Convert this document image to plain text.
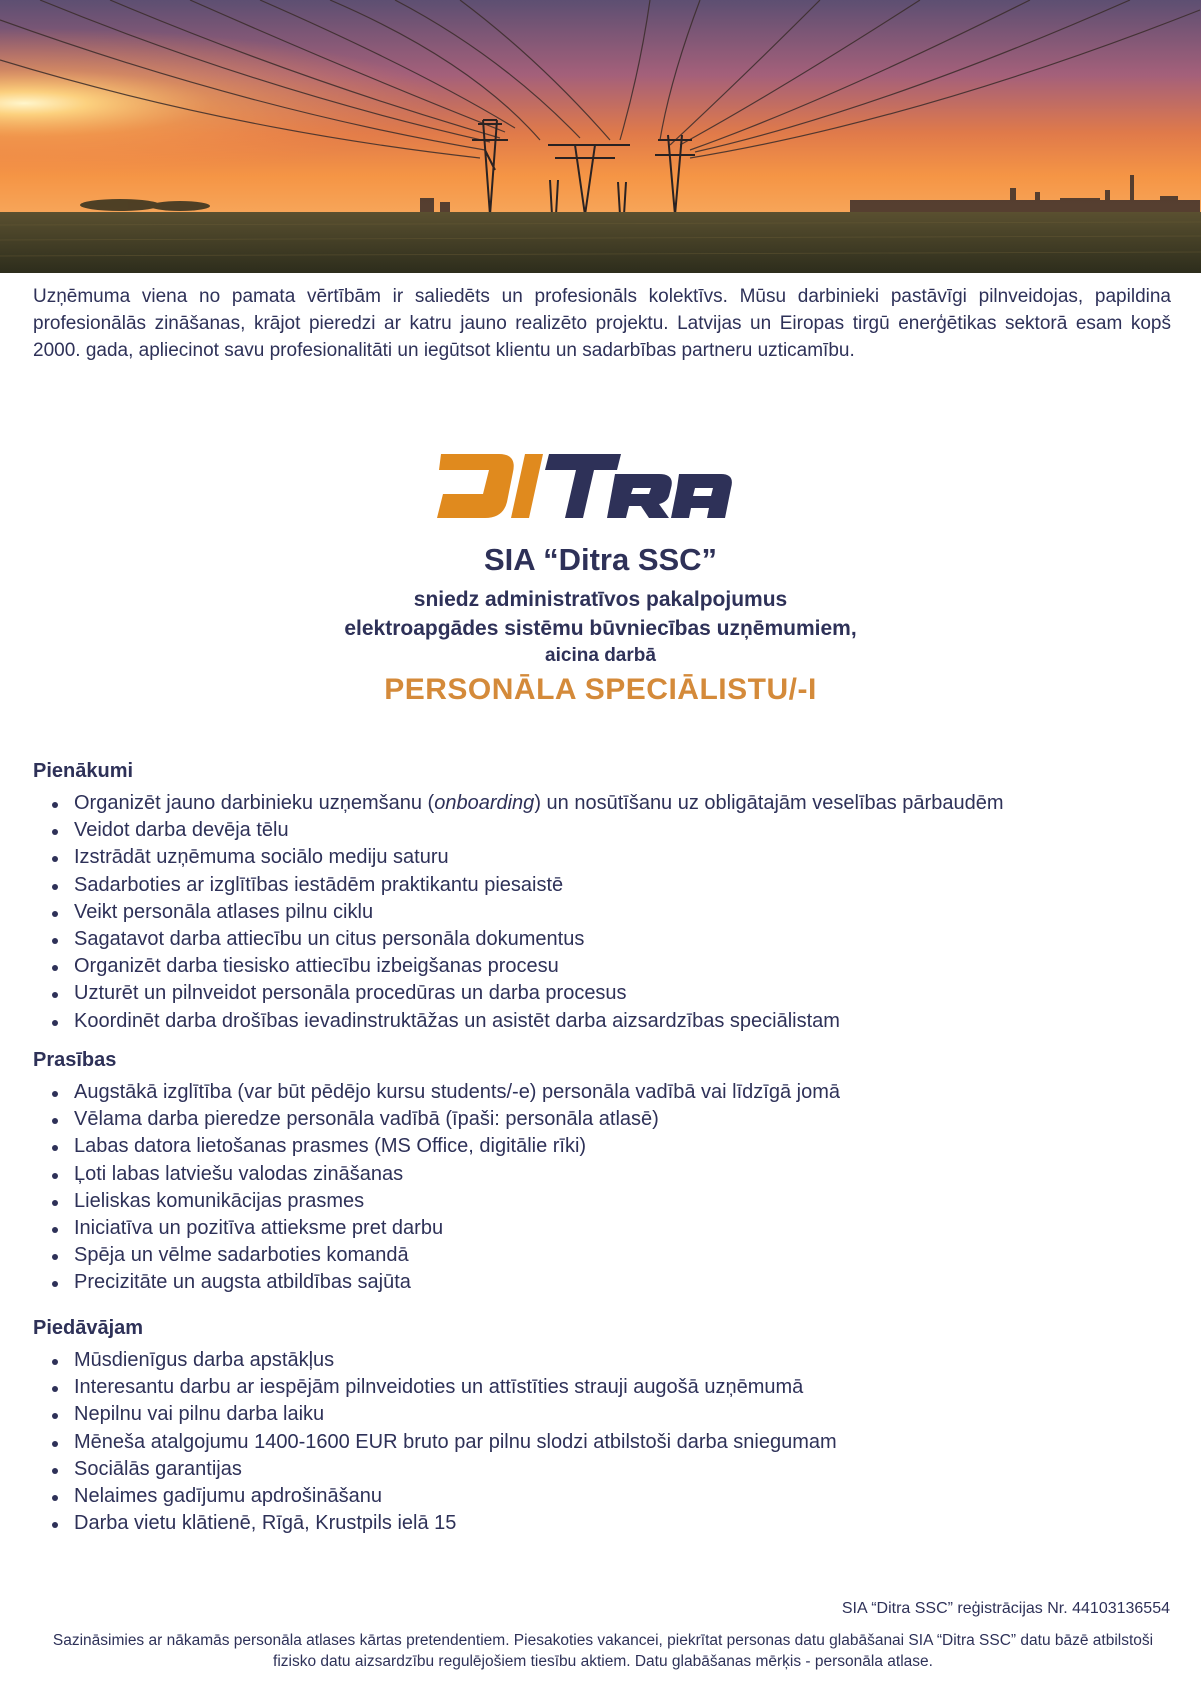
Uzņēmuma viena no pamata vērtībām ir saliedēts un profesionāls kolektīvs. Mūsu darbinieki pastāvīgi pilnveidojas, papildina profesionālās zināšanas, krājot pieredzi ar katru jauno realizēto projektu. Latvijas un Eiropas tirgū enerģētikas sektorā esam kopš 2000. gada, apliecinot savu profesionalitāti un iegūtsot klientu un sadarbības partneru uzticamību.

SIA “Ditra SSC”

sniedz administratīvos pakalpojumus

elektroapgādes sistēmu būvniecības uzņēmumiem,

aicina darbā

PERSONĀLA SPECIĀLISTU/-I

Pienākumi
Organizēt jauno darbinieku uzņemšanu (onboarding) un nosūtīšanu uz obligātajām veselības pārbaudēm
Veidot darba devēja tēlu
Izstrādāt uzņēmuma sociālo mediju saturu
Sadarboties ar izglītības iestādēm praktikantu piesaistē
Veikt personāla atlases pilnu ciklu
Sagatavot darba attiecību un citus personāla dokumentus
Organizēt darba tiesisko attiecību izbeigšanas procesu
Uzturēt un pilnveidot personāla procedūras un darba procesus
Koordinēt darba drošības ievadinstruktāžas un asistēt darba aizsardzības speciālistam
Prasības
Augstākā izglītība (var būt pēdējo kursu students/-e) personāla vadībā vai līdzīgā jomā
Vēlama darba pieredze personāla vadībā (īpaši: personāla atlasē)
Labas datora lietošanas prasmes (MS Office, digitālie rīki)
Ļoti labas latviešu valodas zināšanas
Lieliskas komunikācijas prasmes
Iniciatīva un pozitīva attieksme pret darbu
Spēja un vēlme sadarboties komandā
Precizitāte un augsta atbildības sajūta
Piedāvājam
Mūsdienīgus darba apstākļus
Interesantu darbu ar iespējām pilnveidoties un attīstīties strauji augošā uzņēmumā
Nepilnu vai pilnu darba laiku
Mēneša atalgojumu 1400-1600 EUR bruto par pilnu slodzi atbilstoši darba sniegumam
Sociālās garantijas
Nelaimes gadījumu apdrošināšanu
Darba vietu klātienē, Rīgā, Krustpils ielā 15

SIA “Ditra SSC” reģistrācijas Nr. 44103136554

Sazināsimies ar nākamās personāla atlases kārtas pretendentiem. Piesakoties vakancei, piekrītat personas datu glabāšanai SIA “Ditra SSC” datu bāzē atbilstoši fizisko datu aizsardzību regulējošiem tiesību aktiem. Datu glabāšanas mērķis - personāla atlase.
